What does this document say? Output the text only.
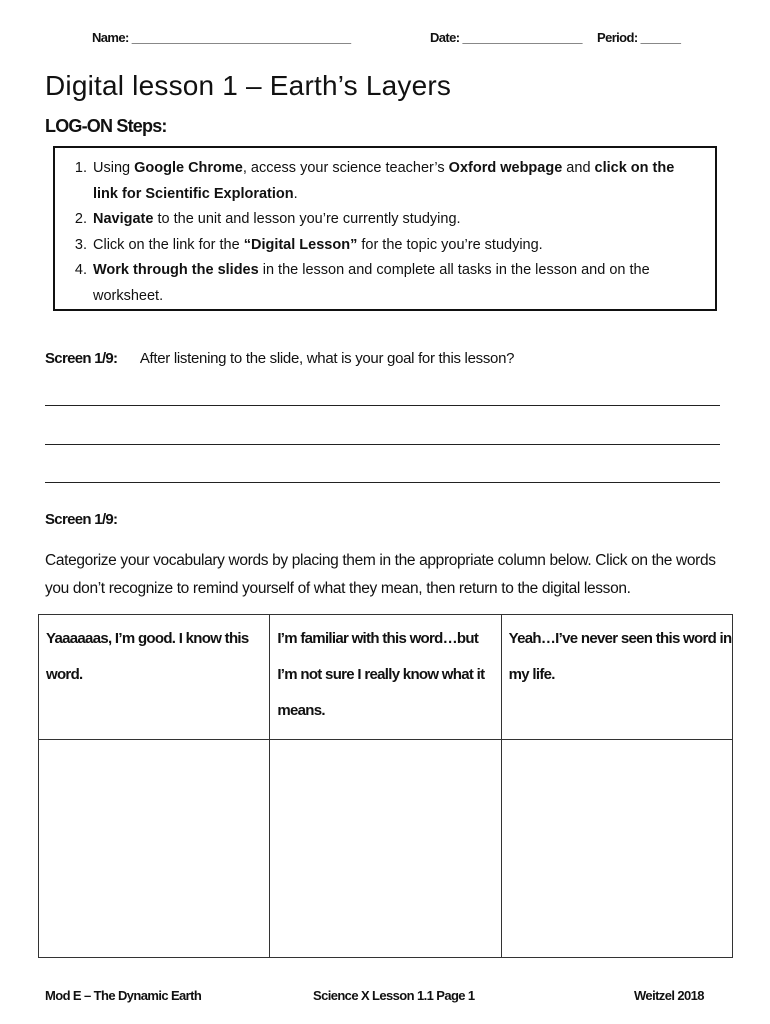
Name: _________________________________	Date: __________________ Period: ______
Digital lesson 1 – Earth’s Layers
LOG-ON Steps:
1. Using Google Chrome, access your science teacher’s Oxford webpage and click on the link for Scientific Exploration.
2. Navigate to the unit and lesson you’re currently studying.
3. Click on the link for the “Digital Lesson” for the topic you’re studying.
4. Work through the slides in the lesson and complete all tasks in the lesson and on the worksheet.
Screen 1/9: After listening to the slide, what is your goal for this lesson?
Screen 1/9:
Categorize your vocabulary words by placing them in the appropriate column below. Click on the words you don’t recognize to remind yourself of what they mean, then return to the digital lesson.
Yaaaaaas, I’m good. I know this word.	I’m familiar with this word…but I’m not sure I really know what it means.	Yeah…I’ve never seen this word in my life.

Mod E – The Dynamic Earth	Science X Lesson 1.1 Page 1	Weitzel 2018
